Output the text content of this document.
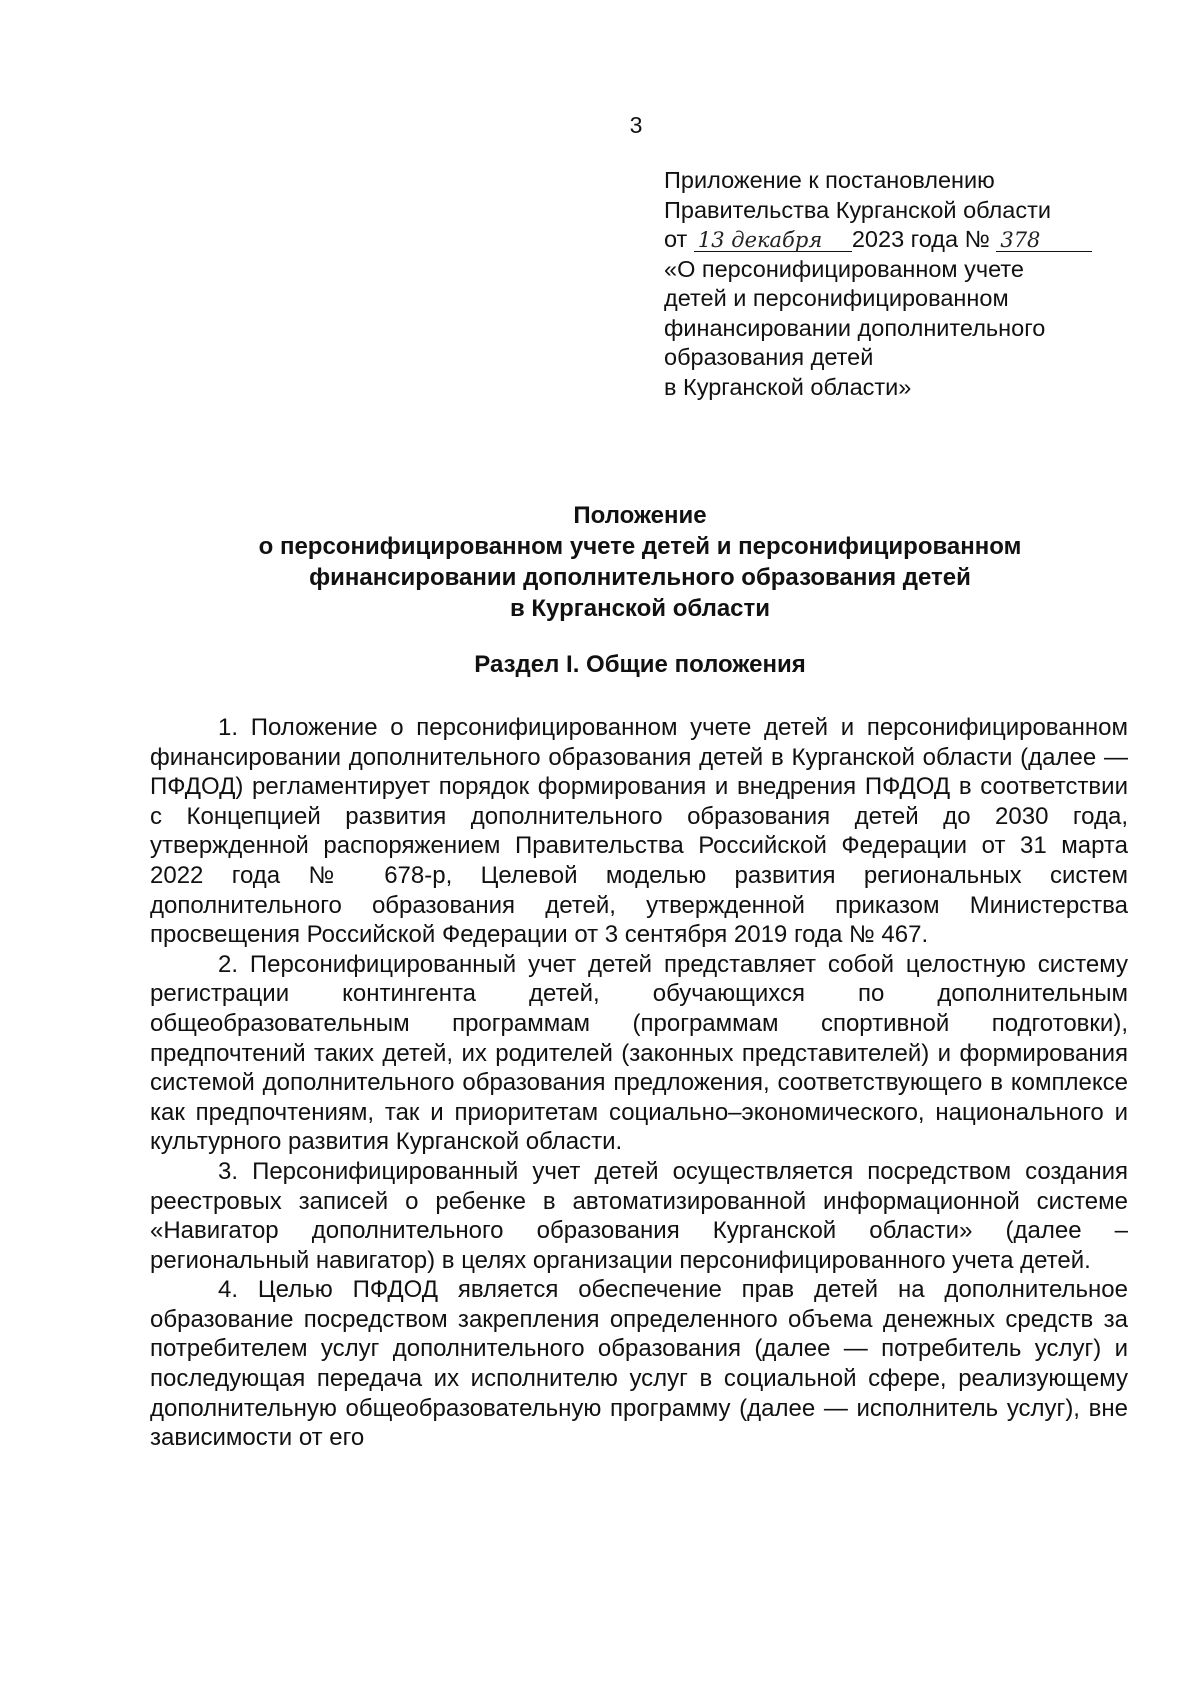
3
Приложение к постановлению
Правительства Курганской области
от 13 декабря 2023 года № 378
«О персонифицированном учете
детей и персонифицированном
финансировании дополнительного
образования детей
в Курганской области»
Положение
о персонифицированном учете детей и персонифицированном
финансировании дополнительного образования детей
в Курганской области
Раздел I. Общие положения

1. Положение о персонифицированном учете детей и персонифицированном финансировании дополнительного образования детей в Курганской области (далее — ПФДОД) регламентирует порядок формирования и внедрения ПФДОД в соответствии с Концепцией развития дополнительного образования детей до 2030 года, утвержденной распоряжением Правительства Российской Федерации от 31 марта 2022 года № 678-р, Целевой моделью развития региональных систем дополнительного образования детей, утвержденной приказом Министерства просвещения Российской Федерации от 3 сентября 2019 года № 467.

2. Персонифицированный учет детей представляет собой целостную систему регистрации контингента детей, обучающихся по дополнительным общеобразовательным программам (программам спортивной подготовки), предпочтений таких детей, их родителей (законных представителей) и формирования системой дополнительного образования предложения, соответствующего в комплексе как предпочтениям, так и приоритетам социально–экономического, национального и культурного развития Курганской области.

3. Персонифицированный учет детей осуществляется посредством создания реестровых записей о ребенке в автоматизированной информационной системе «Навигатор дополнительного образования Курганской области» (далее – региональный навигатор) в целях организации персонифицированного учета детей.

4. Целью ПФДОД является обеспечение прав детей на дополнительное образование посредством закрепления определенного объема денежных средств за потребителем услуг дополнительного образования (далее — потребитель услуг) и последующая передача их исполнителю услуг в социальной сфере, реализующему дополнительную общеобразовательную программу (далее — исполнитель услуг), вне зависимости от его
